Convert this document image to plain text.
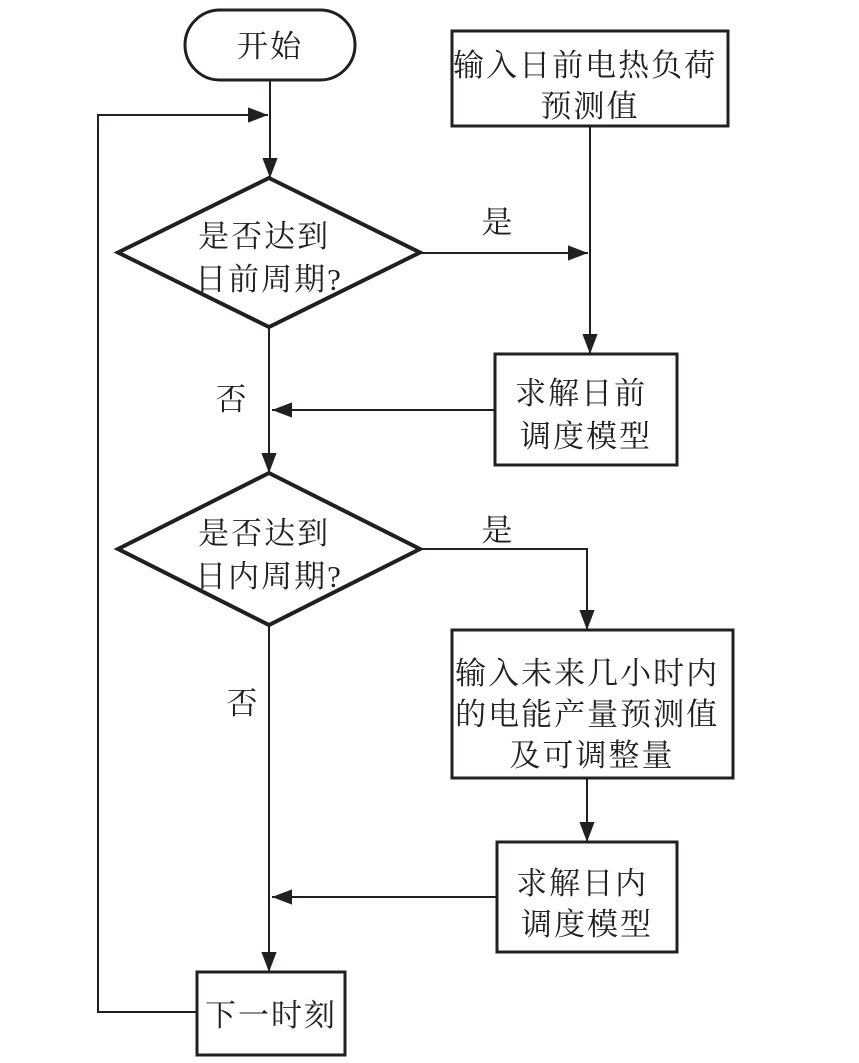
开始
输入日前电热负荷 预测值
是否达到 日前周期?
求解日前 调度模型
是否达到 日内周期?
输入未来几小时内 的电能产量预测值 及可调整量
求解日内 调度模型
下一时刻
是
否
是
否
